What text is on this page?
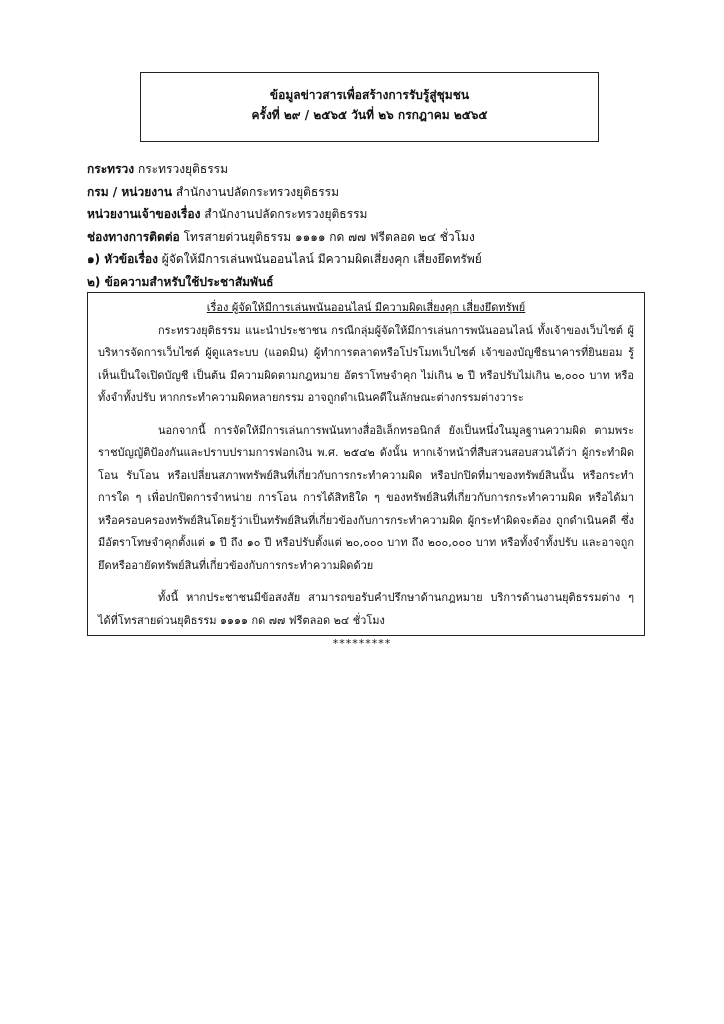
ข้อมูลข่าวสารเพื่อสร้างการรับรู้สู่ชุมชน
ครั้งที่ ๒๙ / ๒๕๖๕ วันที่ ๒๖ กรกฎาคม ๒๕๖๕
กระทรวง กระทรวงยุติธรรม
กรม / หน่วยงาน สำนักงานปลัดกระทรวงยุติธรรม
หน่วยงานเจ้าของเรื่อง สำนักงานปลัดกระทรวงยุติธรรม
ช่องทางการติดต่อ โทรสายด่วนยุติธรรม ๑๑๑๑ กด ๗๗ ฟรีตลอด ๒๔ ชั่วโมง
๑) หัวข้อเรื่อง ผู้จัดให้มีการเล่นพนันออนไลน์ มีความผิดเสี่ยงคุก เสี่ยงยึดทรัพย์
๒) ข้อความสำหรับใช้ประชาสัมพันธ์
เรื่อง ผู้จัดให้มีการเล่นพนันออนไลน์ มีความผิดเสี่ยงคุก เสี่ยงยึดทรัพย์

กระทรวงยุติธรรม แนะนำประชาชน กรณีกลุ่มผู้จัดให้มีการเล่นการพนันออนไลน์ ทั้งเจ้าของเว็บไซต์ ผู้บริหารจัดการเว็บไซต์ ผู้ดูแลระบบ (แอดมิน) ผู้ทำการตลาดหรือโปรโมทเว็บไซต์ เจ้าของบัญชีธนาคารที่ยินยอม รู้เห็นเป็นใจเปิดบัญชี เป็นต้น มีความผิดตามกฎหมาย อัตราโทษจำคุก ไม่เกิน ๒ ปี หรือปรับไม่เกิน ๒,๐๐๐ บาท หรือทั้งจำทั้งปรับ หากกระทำความผิดหลายกรรม อาจถูกดำเนินคดีในลักษณะต่างกรรมต่างวาระ

นอกจากนี้ การจัดให้มีการเล่นการพนันทางสื่ออิเล็กทรอนิกส์ ยังเป็นหนึ่งในมูลฐานความผิด ตามพระราชบัญญัติป้องกันและปราบปรามการฟอกเงิน พ.ศ. ๒๕๔๒ ดังนั้น หากเจ้าหน้าที่สืบสวนสอบสวนได้ว่า ผู้กระทำผิดโอน รับโอน หรือเปลี่ยนสภาพทรัพย์สินที่เกี่ยวกับการกระทำความผิด หรือปกปิดที่มาของทรัพย์สินนั้น หรือกระทำการใด ๆ เพื่อปกปิดการจำหน่าย การโอน การได้สิทธิใด ๆ ของทรัพย์สินที่เกี่ยวกับการกระทำความผิด หรือได้มาหรือครอบครองทรัพย์สินโดยรู้ว่าเป็นทรัพย์สินที่เกี่ยวข้องกับการกระทำความผิด ผู้กระทำผิดจะต้อง ถูกดำเนินคดี ซึ่งมีอัตราโทษจำคุกตั้งแต่ ๑ ปี ถึง ๑๐ ปี หรือปรับตั้งแต่ ๒๐,๐๐๐ บาท ถึง ๒๐๐,๐๐๐ บาท หรือทั้งจำทั้งปรับ และอาจถูกยึดหรืออายัดทรัพย์สินที่เกี่ยวข้องกับการกระทำความผิดด้วย

ทั้งนี้ หากประชาชนมีข้อสงสัย สามารถขอรับคำปรึกษาด้านกฎหมาย บริการด้านงานยุติธรรมต่าง ๆ ได้ที่โทรสายด่วนยุติธรรม ๑๑๑๑ กด ๗๗ ฟรีตลอด ๒๔ ชั่วโมง

*********
